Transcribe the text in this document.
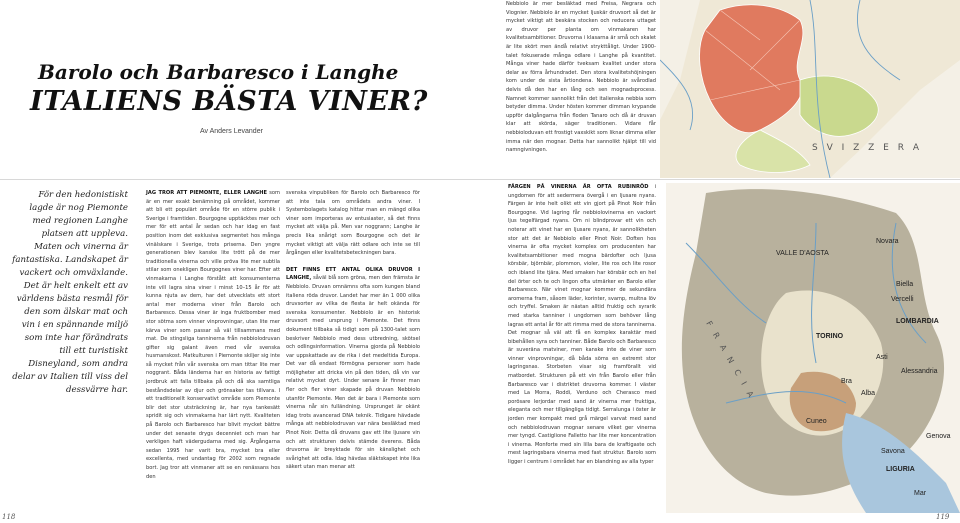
Barolo och Barbaresco i Langhe
ITALIENS BÄSTA VINER?
Av Anders Levander
Nebbiolo är mer besläktad med Freisa, Negrara och Viognier. Nebbiolo är en mycket ljuskär druvsort så det är mycket viktigt att beskära stocken och reducera uttaget av druvor per planta om vinmakaren har kvalitetsambitioner. Druvorna i klasarna är små och skalet är lite skört men ändå relativt strykttåligt. Under 1900-talet fokuserade många odlare i Langhe på kvantitet. Många viner hade därför tveksam kvalitet under stora delar av förra århundradet. Den stora kvalitetshöjningen kom under de sista årtiondena. Nebbiolo är svårodlad delvis då den har en lång och sen mognadsprocess. Namnet kommer sannolikt från det italienska nebbia som betyder dimma. Under hösten kommer dimman krypande uppför dalgångarna från floden Tanaro och då är druvan klar att skörda, säger traditionen. Vidare får nebbioloduvan ett frostigt vaxskikt som liknar dimma eller imma när den mognar. Detta har sannolikt hjälpt till vid namngivningen.	S V I Z Z E R A
För den hedonistiskt lagde är nog Piemonte med regionen Langhe platsen att uppleva. Maten och vinerna är fantastiska. Landskapet är vackert och omväxlande. Det är helt enkelt ett av världens bästa resmål för den som älskar mat och vin i en spännande miljö som inte har förändrats till ett turistiskt Disneyland, som andra delar av Italien till viss del dessvärre har.

JAG TROR ATT PIEMONTE, ELLER LANGHE som är en mer exakt benämning på området, kommer att bli ett populärt område för en större publik i Sverige i framtiden. Bourgogne upptäcktes mer och mer för ett antal år sedan och har idag en fast position inom det exklusiva segmentet hos många vinälskare i Sverige, trots priserna. Den yngre generationen blev kanske lite trött på de mer traditionella vinerna och ville pröva lite mer subtila stilar som onekligen Bourgognes viner har. Efter att vinmakarna i Langhe förstått att konsumenterna inte vill lagra sina viner i minst 10–15 år för att kunna njuta av dem, har det utvecklats ett stort antal mer moderna viner från Barolo och Barbaresco. Dessa viner är inga fruktbomber med stor sötma som vinner vinprovningar, utan lite mer kärva viner som passar så väl tillsammans med mat. De stingsliga tanninerna från nebbiolodruvan gifter sig galant även med vår svenska husmanskost. Matkulturen i Piemonte skiljer sig inte så mycket från vår svenska om man tittar lite mer noggrant. Båda länderna har en historia av fattigt jordbruk att falla tillbaka på och då ska samtliga beståndsdelar av djur och grönsaker tas tillvara. I ett traditionellt konservativt område som Piemonte blir det stor utsträckning är, har nya tankesätt spridit sig och vinmakarna har lärt nytt. Kvaliteten på Barolo och Barbaresco har blivit mycket bättre under det senaste drygs decenniet och man har verkligen haft vädergudarna med sig. Årgångarna sedan 1995 har varit bra, mycket bra eller excellenta, med undantag för 2002 som regnade bort. Jag tror att vinmaner att se en renässans hos den

svenska vinpubliken för Barolo och Barbaresco för att inte tala om områdets andra viner. I Systembolagets katalog hittar man en mängd olika viner som importeras av entusiaster, så det finns mycket att välja på. Men var noggrann; Langhe är precis lika snårigt som Bourgogne och det är mycket viktigt att välja rätt odlare och inte se till årgången eller kvalitetsbeteckningen bara.

DET FINNS ETT ANTAL OLIKA DRUVOR I LANGHE, såväl blå som gröna, men den främsta är Nebbiolo. Druvan omnämns ofta som kungen bland italiens röda druvor. Landet har mer än 1 000 olika druvsorter av vilka de flesta är helt okända för svenska konsumenter. Nebbiolo är en historisk druvsort med ursprung i Piemonte. Det finns dokument tillbaka så tidigt som på 1300-talet som beskriver Nebbiolo med dess utbredning, skötsel och odlingsinformation. Vinerna gjorda på Nebbiolo var uppskattade av de rika i det medeltida Europa. Det var då endast förmögna personer som hade möjligheter att dricka vin på den tiden, då vin var relativt mycket dyrt. Under senare år finner man fler och fler viner skapade på druvan Nebbiolo utanför Piemonte. Men det är bara i Piemonte som vinerna når sin fulländning. Ursprunget är okänt idag trots avancerad DNA teknik. Tidigare hävdade många att nebbiolodruvan var nära besläktad med Pinot Noir. Detta då druvans gav ett lite ljusare vin och att strukturen delvis stämde överens. Båda druvorna är breyktade för sin känslighet och svårighet att odla. Idag hävdas släktskapet inte lika säkert utan man menar att

FÄRGEN PÅ VINERNA ÄR OFTA RUBINRÖD i ungdomen för att sedermera övergå i en ljusare nyans. Färgen är inte helt olikt ett vin gjort på Pinot Noir från Bourgogne. Vid lagring får nebbiolovinerna en vackert ljus tegelfärgad nyans. Om ni blindprovar ett vin och noterar att vinet har en ljusare nyans, är sannolikheten stor att det är Nebbiolo eller Pinot Noir. Doften hos vinerna är ofta mycket komplex om producenten har kvalitetsambitioner med mogna bärdofter och ljusa körsbär, björnbär, plommon, violer, lite ros och lite rosor och ibland lite tjära. Med smaken har körsbär och en hel del örter och te och lingon ofta utmärker en Barolo eller Barbaresco. När vinet mognar kommer de sekundära aromerna fram, såsom läder, korinter, svamp, multna löv och tryffel. Smaken är nästan alltid fruktig och syrarik med starka tanniner i ungdomen som behöver lång lagras ett antal år för att rimma med de stora tanninerna. Det mognar så väl att få en komplex karaktär med bibehållen syra och tanniner. Både Barolo och Barbaresco är suveräna matviner, men kanske inte de viner som vinner vinprovningar, då båda söms en extremt stor lagringsnas. Storbeten visar sig framförallt vid matbordet. Strukturen på ett vin från Barolo eller från Barbaresco var i distriktet druvorna kommer. I väster med La Morra, Roddi, Verduno och Cherasco med porösare lerjordar med sand är vinerna mer fruktiga, eleganta och mer tillgängliga tidigt. Serralunga i öster är jorden mer kompakt med grå märgel varvat med sand och nebbiolodruvan mognar senare vilket ger vinerna mer tyngd. Castiglione Falletto har lite mer koncentration i vinerna. Monforte med sin lilla bara de kraftigaste och mest lagringsbara vinerna med fast struktur. Barolo som ligger i centrum i området har en blandning av alla typer

VALLE D'AOSTA
Novara
Biella
Vercelli
LOMBARDIA
TORINO
Asti
Alessandria
Bra
Alba
Cuneo
Genova
Savona
LIGURIA
Mar
F R A N C I A
118	119
